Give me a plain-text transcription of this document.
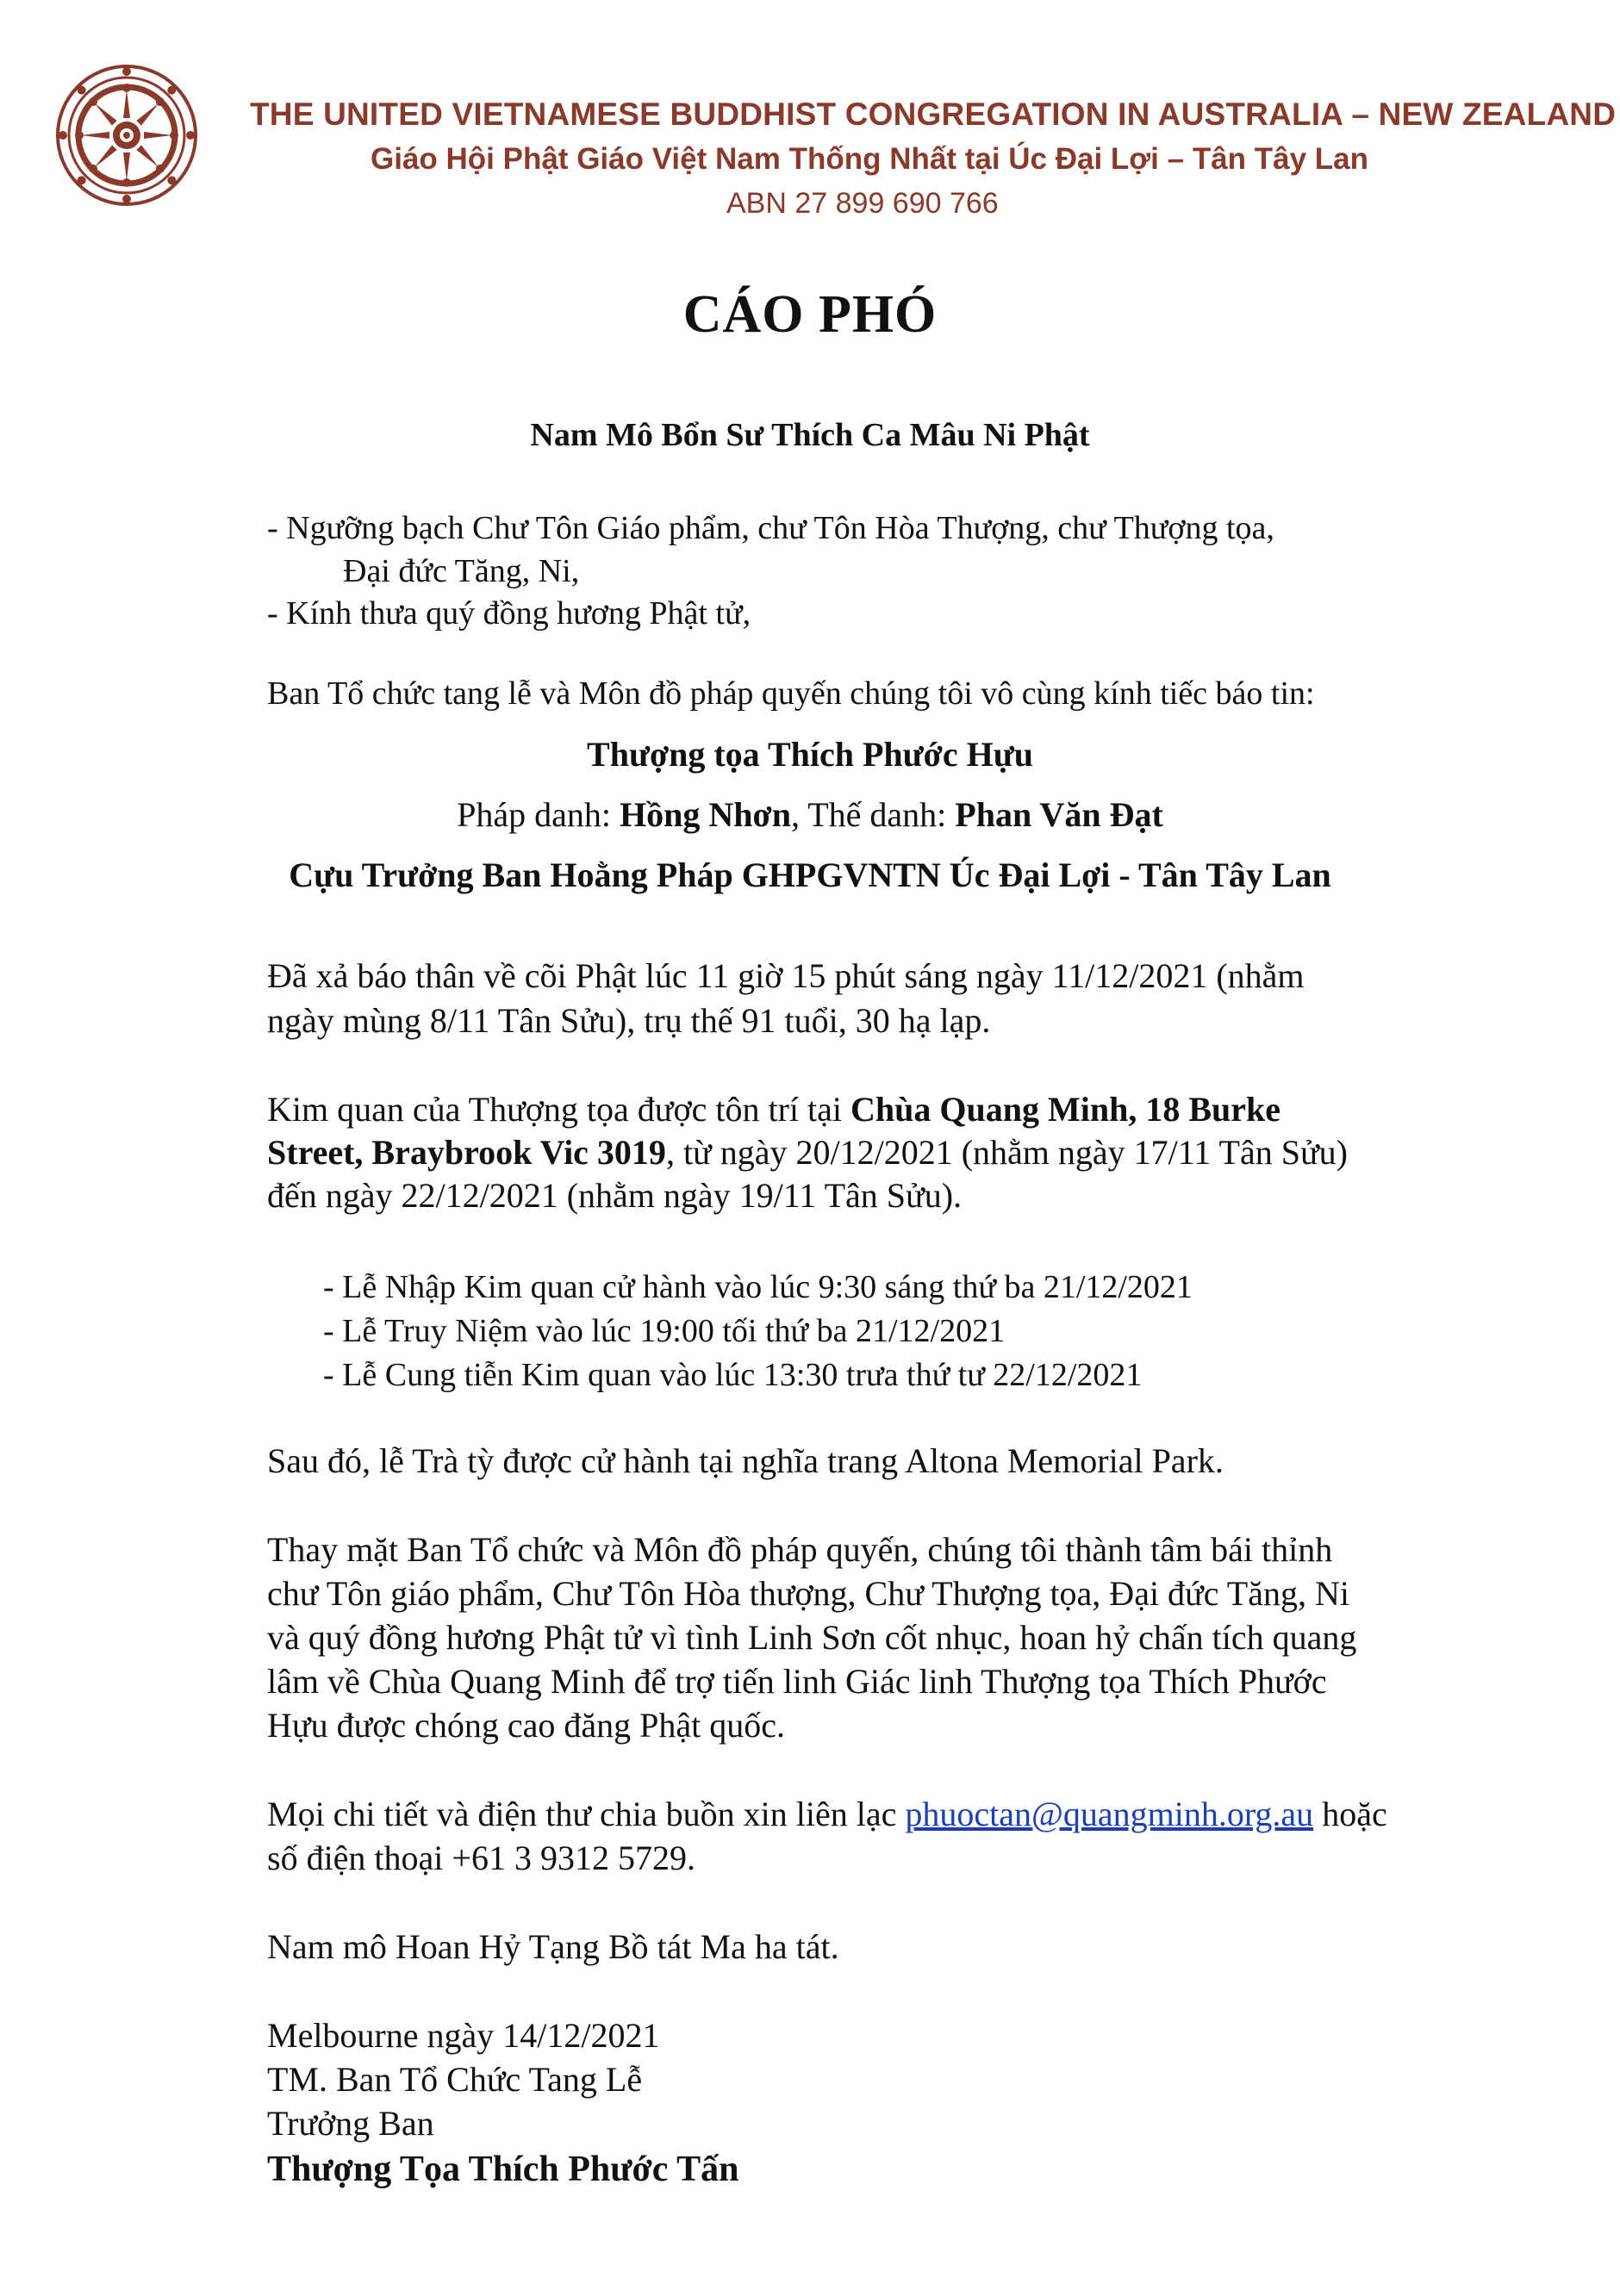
THE UNITED VIETNAMESE BUDDHIST CONGREGATION IN AUSTRALIA – NEW ZEALAND
Giáo Hội Phật Giáo Việt Nam Thống Nhất tại Úc Đại Lợi – Tân Tây Lan
ABN 27 899 690 766
CÁO PHÓ
Nam Mô Bổn Sư Thích Ca Mâu Ni Phật
- Ngưỡng bạch Chư Tôn Giáo phẩm, chư Tôn Hòa Thượng, chư Thượng tọa,
Đại đức Tăng, Ni,
- Kính thưa quý đồng hương Phật tử,
Ban Tổ chức tang lễ và Môn đồ pháp quyến chúng tôi vô cùng kính tiếc báo tin:
Thượng tọa Thích Phước Hựu
Pháp danh: Hồng Nhơn, Thế danh: Phan Văn Đạt
Cựu Trưởng Ban Hoằng Pháp GHPGVNTN Úc Đại Lợi - Tân Tây Lan
Đã xả báo thân về cõi Phật lúc 11 giờ 15 phút sáng ngày 11/12/2021 (nhằm
ngày mùng 8/11 Tân Sửu), trụ thế 91 tuổi, 30 hạ lạp.
Kim quan của Thượng tọa được tôn trí tại Chùa Quang Minh, 18 Burke
Street, Braybrook Vic 3019, từ ngày 20/12/2021 (nhằm ngày 17/11 Tân Sửu)
đến ngày 22/12/2021 (nhằm ngày 19/11 Tân Sửu).
- Lễ Nhập Kim quan cử hành vào lúc 9:30 sáng thứ ba 21/12/2021
- Lễ Truy Niệm vào lúc 19:00 tối thứ ba 21/12/2021
- Lễ Cung tiễn Kim quan vào lúc 13:30 trưa thứ tư 22/12/2021
Sau đó, lễ Trà tỳ được cử hành tại nghĩa trang Altona Memorial Park.
Thay mặt Ban Tổ chức và Môn đồ pháp quyến, chúng tôi thành tâm bái thỉnh
chư Tôn giáo phẩm, Chư Tôn Hòa thượng, Chư Thượng tọa, Đại đức Tăng, Ni
và quý đồng hương Phật tử vì tình Linh Sơn cốt nhục, hoan hỷ chấn tích quang
lâm về Chùa Quang Minh để trợ tiến linh Giác linh Thượng tọa Thích Phước
Hựu được chóng cao đăng Phật quốc.
Mọi chi tiết và điện thư chia buồn xin liên lạc phuoctan@quangminh.org.au hoặc
số điện thoại +61 3 9312 5729.
Nam mô Hoan Hỷ Tạng Bồ tát Ma ha tát.
Melbourne ngày 14/12/2021
TM. Ban Tổ Chức Tang Lễ
Trưởng Ban
Thượng Tọa Thích Phước Tấn
